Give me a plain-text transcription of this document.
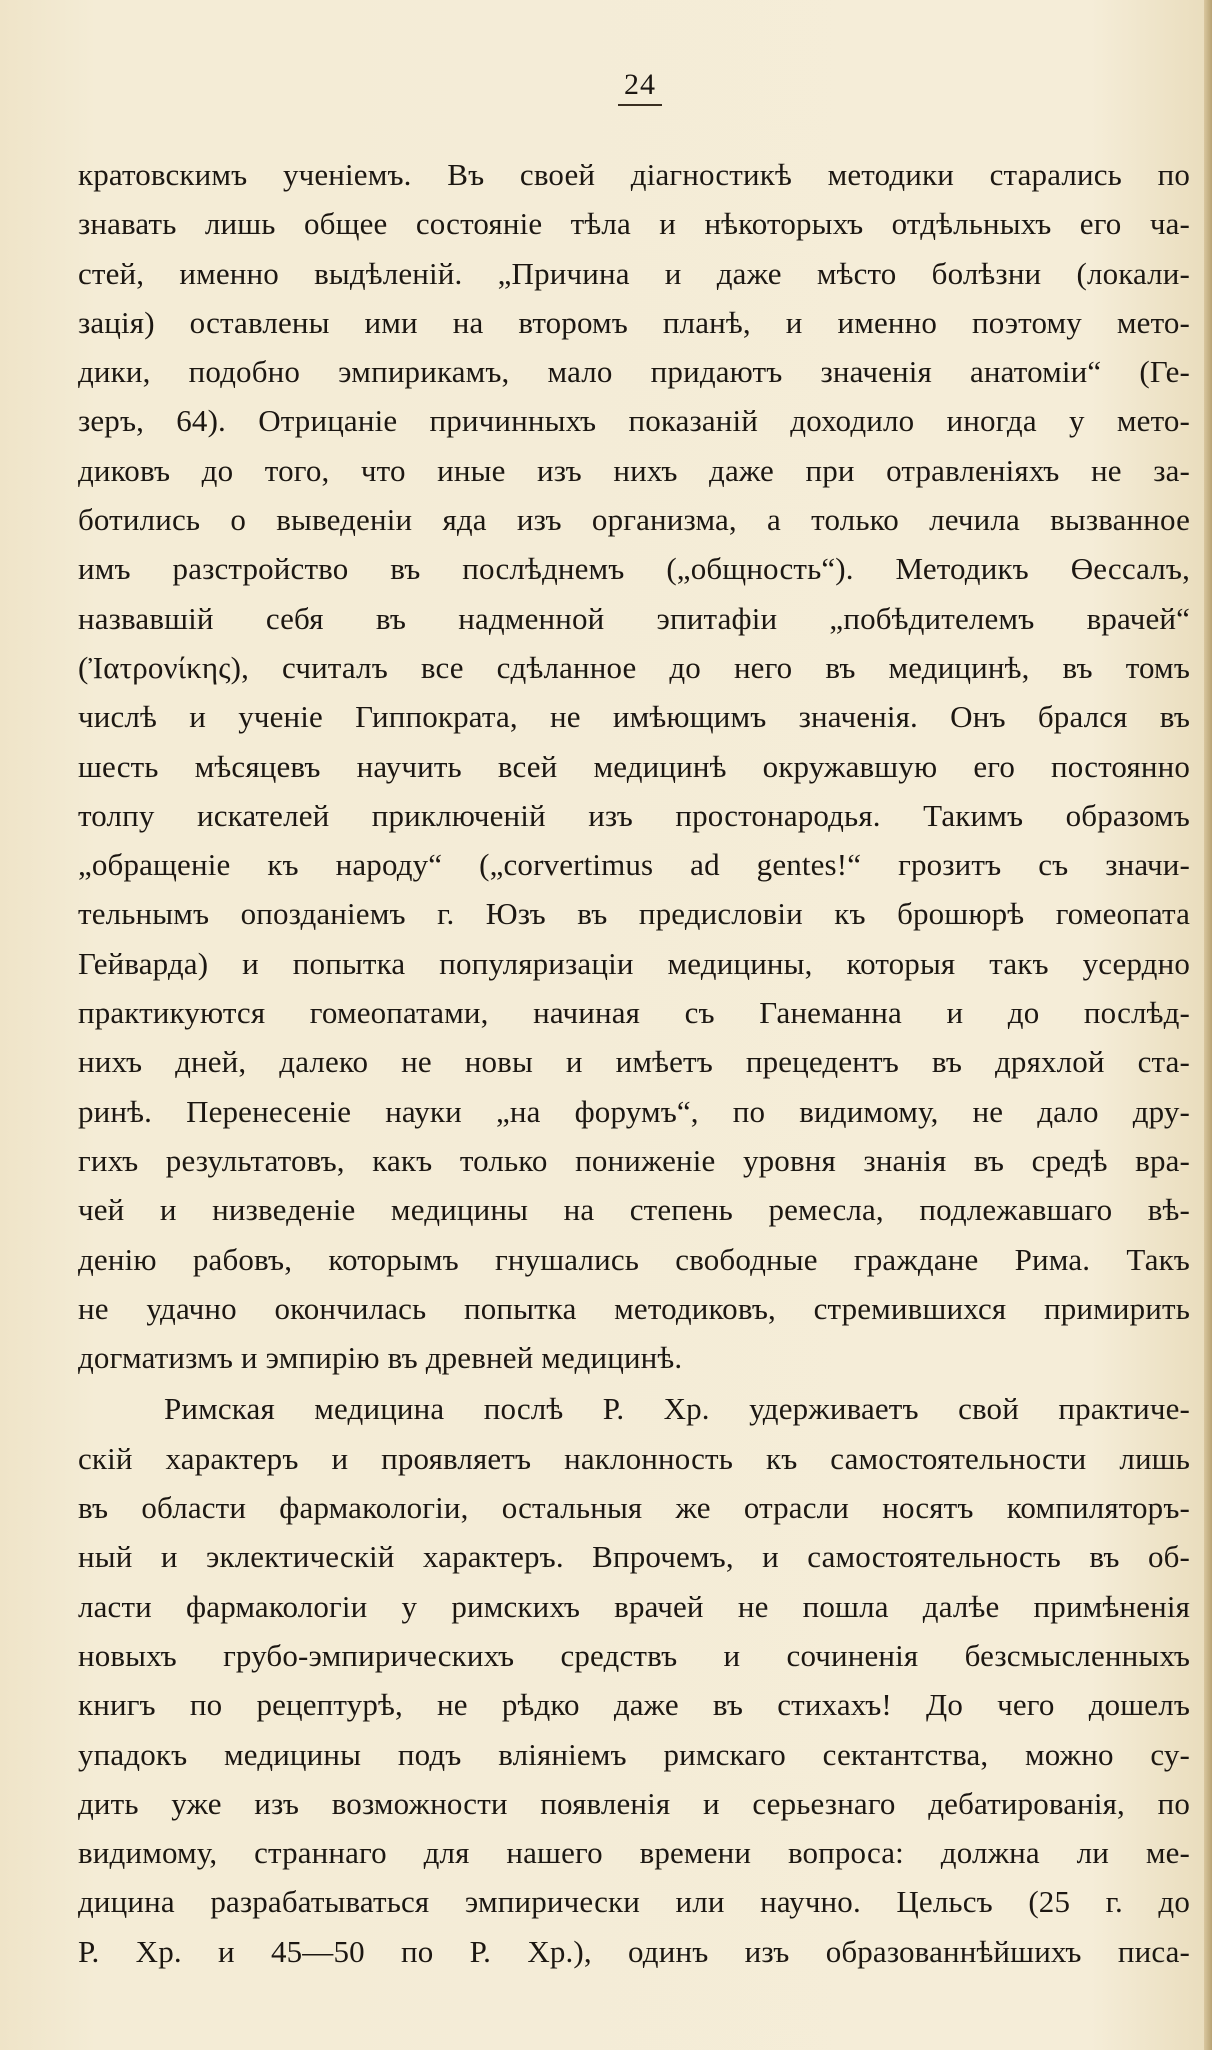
24
кратовскимъ ученіемъ. Въ своей діагностикѣ методики старались по
знавать лишь общее состояніе тѣла и нѣкоторыхъ отдѣльныхъ его ча-
стей, именно выдѣленій. „Причина и даже мѣсто болѣзни (локали-
зація) оставлены ими на второмъ планѣ, и именно поэтому мето-
дики, подобно эмпирикамъ, мало придаютъ значенія анатоміи“ (Ге-
зеръ, 64). Отрицаніе причинныхъ показаній доходило иногда у мето-
диковъ до того, что иные изъ нихъ даже при отравленіяхъ не за-
ботились о выведеніи яда изъ организма, а только лечила вызванное
имъ разстройство въ послѣднемъ („общность“). Методикъ Өессалъ,
назвавшій себя въ надменной эпитафіи „побѣдителемъ врачей“
(Ἰατρονίκης), считалъ все сдѣланное до него въ медицинѣ, въ томъ
числѣ и ученіе Гиппократа, не имѣющимъ значенія. Онъ брался въ
шесть мѣсяцевъ научить всей медицинѣ окружавшую его постоянно
толпу искателей приключеній изъ простонародья. Такимъ образомъ
„обращеніе къ народу“ („corvertimus ad gentes!“ грозитъ съ значи-
тельнымъ опозданіемъ г. Юзъ въ предисловіи къ брошюрѣ гомеопата
Гейварда) и попытка популяризаціи медицины, которыя такъ усердно
практикуются гомеопатами, начиная съ Ганеманна и до послѣд-
нихъ дней, далеко не новы и имѣетъ прецедентъ въ дряхлой ста-
ринѣ. Перенесеніе науки „на форумъ“, по видимому, не дало дру-
гихъ результатовъ, какъ только пониженіе уровня знанія въ средѣ вра-
чей и низведеніе медицины на степень ремесла, подлежавшаго вѣ-
денію рабовъ, которымъ гнушались свободные граждане Рима. Такъ
не удачно окончилась попытка методиковъ, стремившихся примирить
догматизмъ и эмпирію въ древней медицинѣ.
Римская медицина послѣ Р. Хр. удерживаетъ свой практиче-
скій характеръ и проявляетъ наклонность къ самостоятельности лишь
въ области фармакологіи, остальныя же отрасли носятъ компиляторъ-
ный и эклектическій характеръ. Впрочемъ, и самостоятельность въ об-
ласти фармакологіи у римскихъ врачей не пошла далѣе примѣненія
новыхъ грубо-эмпирическихъ средствъ и сочиненія безсмысленныхъ
книгъ по рецептурѣ, не рѣдко даже въ стихахъ! До чего дошелъ
упадокъ медицины подъ вліяніемъ римскаго сектантства, можно су-
дить уже изъ возможности появленія и серьезнаго дебатированія, по
видимому, страннаго для нашего времени вопроса: должна ли ме-
дицина разрабатываться эмпирически или научно. Цельсъ (25 г. до
Р. Хр. и 45—50 по Р. Хр.), одинъ изъ образованнѣйшихъ писа-
